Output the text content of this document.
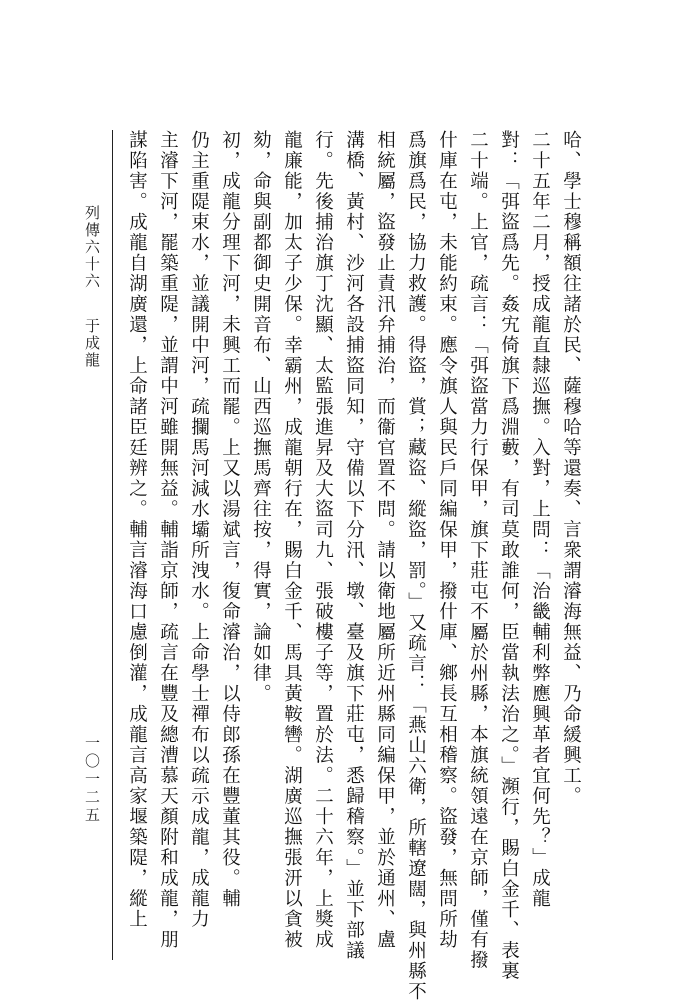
哈、學士穆稱額往諸於民、薩穆哈等還奏、言衆謂濬海無益、乃命緩興工。
二十五年二月，授成龍直隸巡撫。入對，上問：「治畿輔利弊應興革者宜何先？」成龍
對：「弭盜爲先。姦宄倚旗下爲淵藪，有司莫敢誰何，臣當執法治之。」瀕行，賜白金千、表裏
二十端。上官，疏言：「弭盜當力行保甲，旗下莊屯不屬於州縣，本旗統領遠在京師，僅有撥
什庫在屯，未能約束。應令旗人與民戶同編保甲，撥什庫、鄉長互相稽察。盜發，無問所劫
爲旗爲民，協力救護。得盜，賞；藏盜、縱盜，罰。」又疏言：「燕山六衛，所轄遼闊，與州縣不
相統屬，盜發止責汛弁捕治，而衞官置不問。請以衛地屬所近州縣同編保甲，並於通州、盧
溝橋、黃村、沙河各設捕盜同知，守備以下分汛、墩、臺及旗下莊屯，悉歸稽察。」並下部議
行。先後捕治旗丁沈顯、太監張進昇及大盜司九、張破樓子等，置於法。二十六年，上獎成
龍廉能，加太子少保。幸霸州，成龍朝行在，賜白金千、馬具黃鞍轡。湖廣巡撫張汧以貪被
劾，命與副都御史開音布、山西巡撫馬齊往按，得實，論如律。
初，成龍分理下河，未興工而罷。上又以湯斌言，復命濬治，以侍郎孫在豐董其役。輔
仍主重隄束水，並議開中河，疏攔馬河減水壩所洩水。上命學士禪布以疏示成龍，成龍力
主濬下河，罷築重隄，並謂中河雖開無益。輔詣京師，疏言在豐及總漕慕天顏附和成龍，朋
謀陷害。成龍自湖廣還，上命諸臣廷辨之。輔言濬海口慮倒灌，成龍言高家堰築隄，縱上
列傳六十六
于成龍
一〇一二五
